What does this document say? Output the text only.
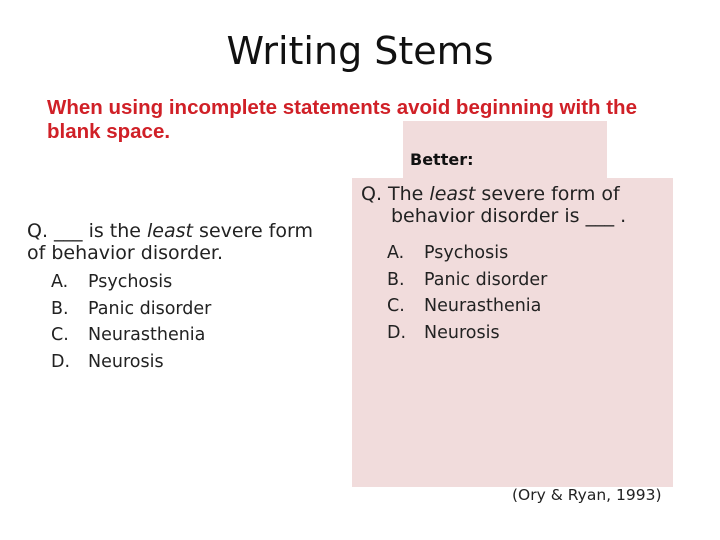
Writing Stems
When using incomplete statements avoid beginning with the blank space.
Better:
Q. ___ is the least severe form of behavior disorder.
A.	Psychosis
B.	Panic disorder
C.	Neurasthenia
D.	Neurosis
Q. The least severe form of
behavior disorder is ___ .
A.	Psychosis
B.	Panic disorder
C.	Neurasthenia
D.	Neurosis
(Ory & Ryan, 1993)
